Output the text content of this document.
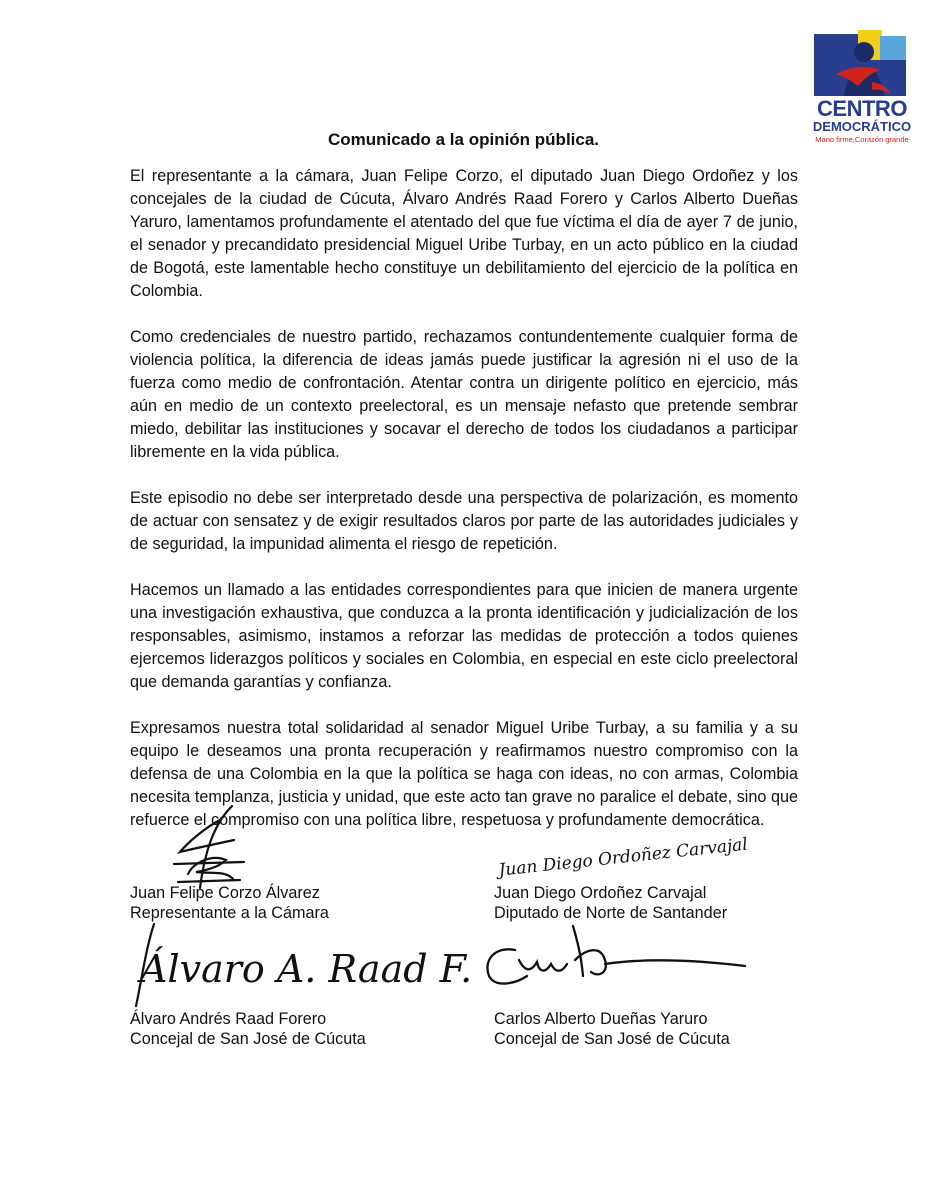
CENTRO
DEMOCRÁTICO
Mano firme,Corazón grande
Comunicado a la opinión pública.

El representante a la cámara, Juan Felipe Corzo, el diputado Juan Diego Ordoñez y los concejales de la ciudad de Cúcuta, Álvaro Andrés Raad Forero y Carlos Alberto Dueñas Yaruro, lamentamos profundamente el atentado del que fue víctima el día de ayer 7 de junio, el senador y precandidato presidencial Miguel Uribe Turbay, en un acto público en la ciudad de Bogotá, este lamentable hecho constituye un debilitamiento del ejercicio de la política en Colombia.

Como credenciales de nuestro partido, rechazamos contundentemente cualquier forma de violencia política, la diferencia de ideas jamás puede justificar la agresión ni el uso de la fuerza como medio de confrontación. Atentar contra un dirigente político en ejercicio, más aún en medio de un contexto preelectoral, es un mensaje nefasto que pretende sembrar miedo, debilitar las instituciones y socavar el derecho de todos los ciudadanos a participar libremente en la vida pública.

Este episodio no debe ser interpretado desde una perspectiva de polarización, es momento de actuar con sensatez y de exigir resultados claros por parte de las autoridades judiciales y de seguridad, la impunidad alimenta el riesgo de repetición.

Hacemos un llamado a las entidades correspondientes para que inicien de manera urgente una investigación exhaustiva, que conduzca a la pronta identificación y judicialización de los responsables, asimismo, instamos a reforzar las medidas de protección a todos quienes ejercemos liderazgos políticos y sociales en Colombia, en especial en este ciclo preelectoral que demanda garantías y confianza.

Expresamos nuestra total solidaridad al senador Miguel Uribe Turbay, a su familia y a su equipo le deseamos una pronta recuperación y reafirmamos nuestro compromiso con la defensa de una Colombia en la que la política se haga con ideas, no con armas, Colombia necesita templanza, justicia y unidad, que este acto tan grave no paralice el debate, sino que refuerce el compromiso con una política libre, respetuosa y profundamente democrática.

Juan Diego Ordoñez Carvajal
Álvaro A. Raad F.
Juan Felipe Corzo Álvarez
Representante a la Cámara
Juan Diego Ordoñez Carvajal
Diputado de Norte de Santander
Álvaro Andrés Raad Forero
Concejal de San José de Cúcuta
Carlos Alberto Dueñas Yaruro
Concejal de San José de Cúcuta
